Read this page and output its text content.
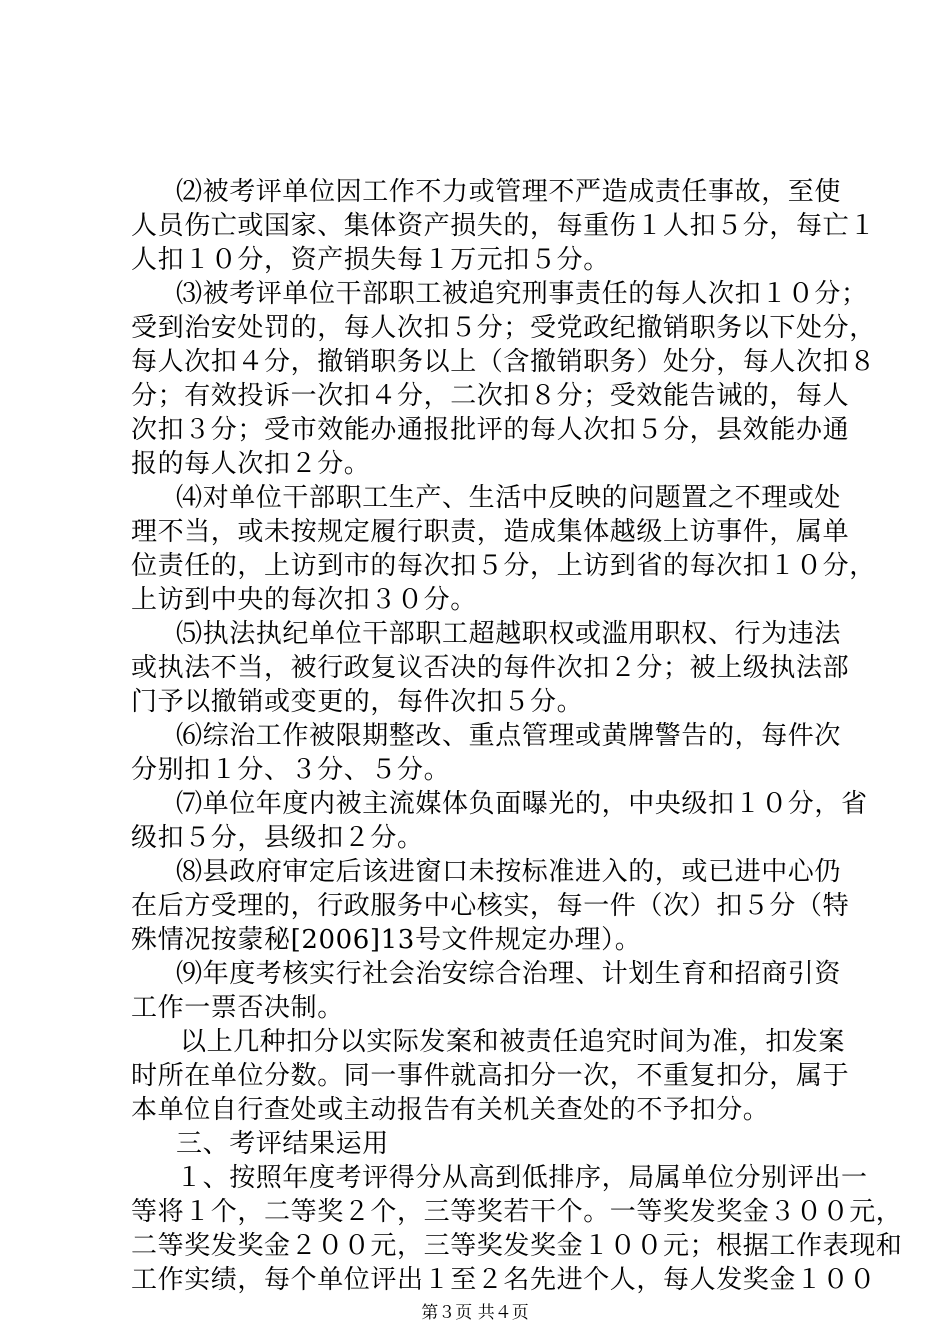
⑵被考评单位因工作不力或管理不严造成责任事故，至使
人员伤亡或国家、集体资产损失的，每重伤１人扣５分，每亡１
人扣１０分，资产损失每１万元扣５分。
⑶被考评单位干部职工被追究刑事责任的每人次扣１０分；
受到治安处罚的，每人次扣５分；受党政纪撤销职务以下处分，
每人次扣４分，撤销职务以上（含撤销职务）处分，每人次扣８
分；有效投诉一次扣４分，二次扣８分；受效能告诫的，每人
次扣３分；受市效能办通报批评的每人次扣５分，县效能办通
报的每人次扣２分。
⑷对单位干部职工生产、生活中反映的问题置之不理或处
理不当，或未按规定履行职责，造成集体越级上访事件，属单
位责任的，上访到市的每次扣５分，上访到省的每次扣１０分，
上访到中央的每次扣３０分。
⑸执法执纪单位干部职工超越职权或滥用职权、行为违法
或执法不当，被行政复议否决的每件次扣２分；被上级执法部
门予以撤销或变更的，每件次扣５分。
⑹综治工作被限期整改、重点管理或黄牌警告的，每件次
分别扣１分、３分、５分。
⑺单位年度内被主流媒体负面曝光的，中央级扣１０分，省
级扣５分，县级扣２分。
⑻县政府审定后该进窗口未按标准进入的，或已进中心仍
在后方受理的，行政服务中心核实，每一件（次）扣５分（特
殊情况按蒙秘[2006]13号文件规定办理）。
⑼年度考核实行社会治安综合治理、计划生育和招商引资
工作一票否决制。
以上几种扣分以实际发案和被责任追究时间为准，扣发案
时所在单位分数。同一事件就高扣分一次，不重复扣分，属于
本单位自行查处或主动报告有关机关查处的不予扣分。
三、考评结果运用
１、按照年度考评得分从高到低排序，局属单位分别评出一
等将１个，二等奖２个，三等奖若干个。一等奖发奖金３００元，
二等奖发奖金２００元，三等奖发奖金１００元；根据工作表现和
工作实绩，每个单位评出１至２名先进个人，每人发奖金１００
第３页 共４页
